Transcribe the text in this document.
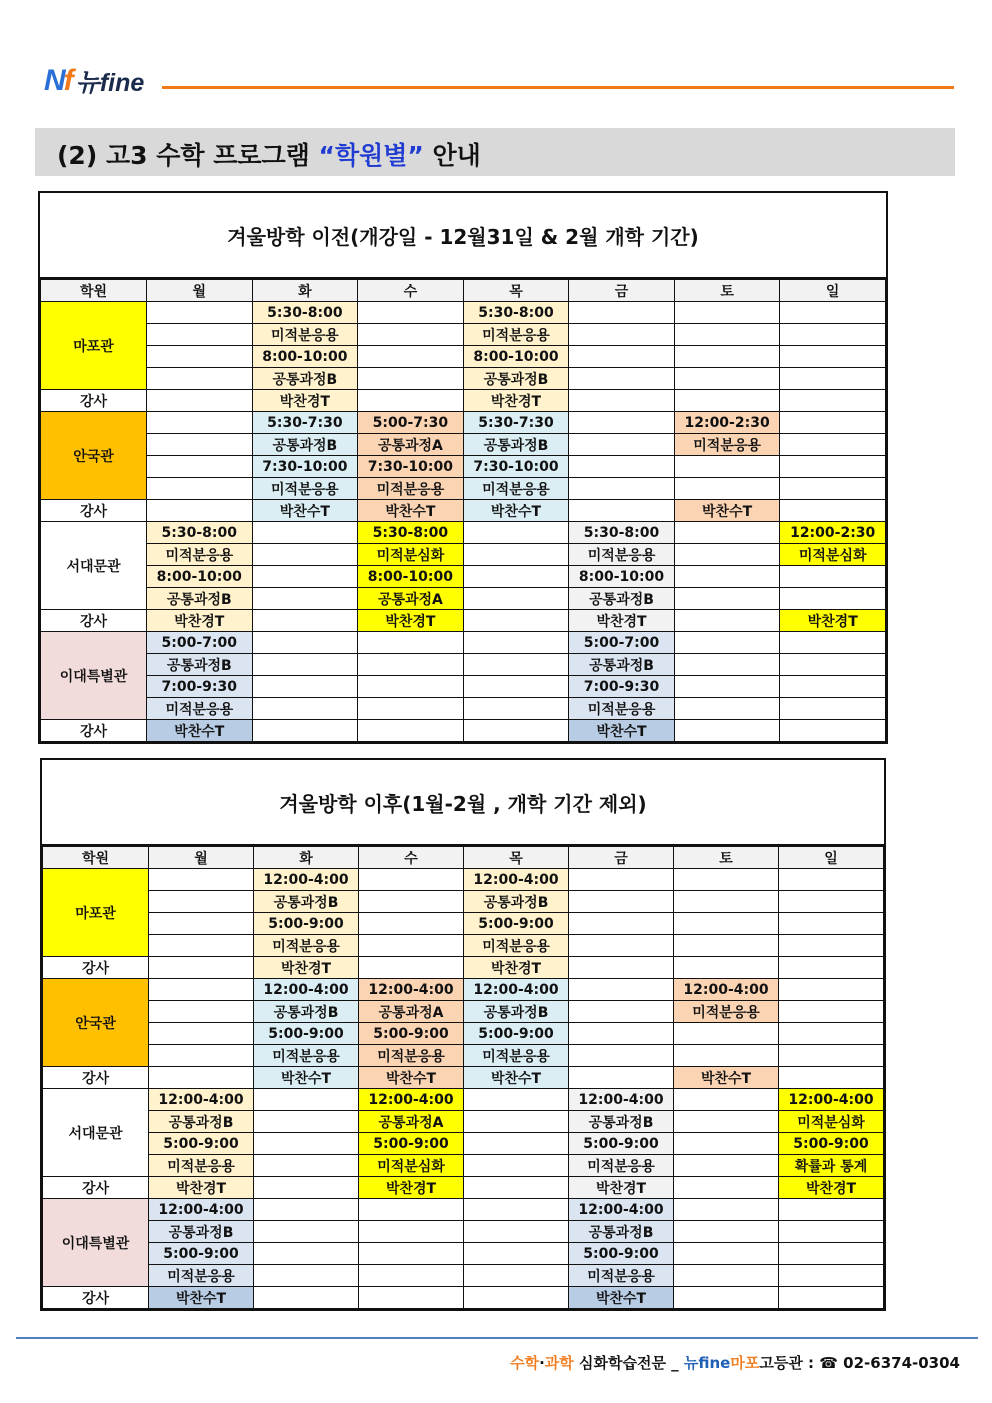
Nf 뉴fine
(2) 고3 수학 프로그램 “학원별” 안내
겨울방학 이전(개강일 - 12월31일 & 2월 개학 기간)
학원	월	화	수	목	금	토	일
마포관		5:30-8:00		5:30-8:00			
		미적분응용		미적분응용			
		8:00-10:00		8:00-10:00			
		공통과정B		공통과정B			
강사		박찬경T		박찬경T			
안국관		5:30-7:30	5:00-7:30	5:30-7:30		12:00-2:30	
		공통과정B	공통과정A	공통과정B		미적분응용	
		7:30-10:00	7:30-10:00	7:30-10:00			
		미적분응용	미적분응용	미적분응용			
강사		박찬수T	박찬수T	박찬수T		박찬수T	
서대문관	5:30-8:00		5:30-8:00		5:30-8:00		12:00-2:30
	미적분응용		미적분심화		미적분응용		미적분심화
	8:00-10:00		8:00-10:00		8:00-10:00		
	공통과정B		공통과정A		공통과정B		
강사	박찬경T		박찬경T		박찬경T		박찬경T
이대특별관	5:00-7:00				5:00-7:00		
	공통과정B				공통과정B		
	7:00-9:30				7:00-9:30		
	미적분응용				미적분응용		
강사	박찬수T				박찬수T		
겨울방학 이후(1월-2월 , 개학 기간 제외)
학원	월	화	수	목	금	토	일
마포관		12:00-4:00		12:00-4:00			
		공통과정B		공통과정B			
		5:00-9:00		5:00-9:00			
		미적분응용		미적분응용			
강사		박찬경T		박찬경T			
안국관		12:00-4:00	12:00-4:00	12:00-4:00		12:00-4:00	
		공통과정B	공통과정A	공통과정B		미적분응용	
		5:00-9:00	5:00-9:00	5:00-9:00			
		미적분응용	미적분응용	미적분응용			
강사		박찬수T	박찬수T	박찬수T		박찬수T	
서대문관	12:00-4:00		12:00-4:00		12:00-4:00		12:00-4:00
	공통과정B		공통과정A		공통과정B		미적분심화
	5:00-9:00		5:00-9:00		5:00-9:00		5:00-9:00
	미적분응용		미적분심화		미적분응용		확률과 통계
강사	박찬경T		박찬경T		박찬경T		박찬경T
이대특별관	12:00-4:00				12:00-4:00		
	공통과정B				공통과정B		
	5:00-9:00				5:00-9:00		
	미적분응용				미적분응용		
강사	박찬수T				박찬수T		
수학·과학 심화학습전문 _ 뉴fine마포고등관 : ☎ 02-6374-0304
